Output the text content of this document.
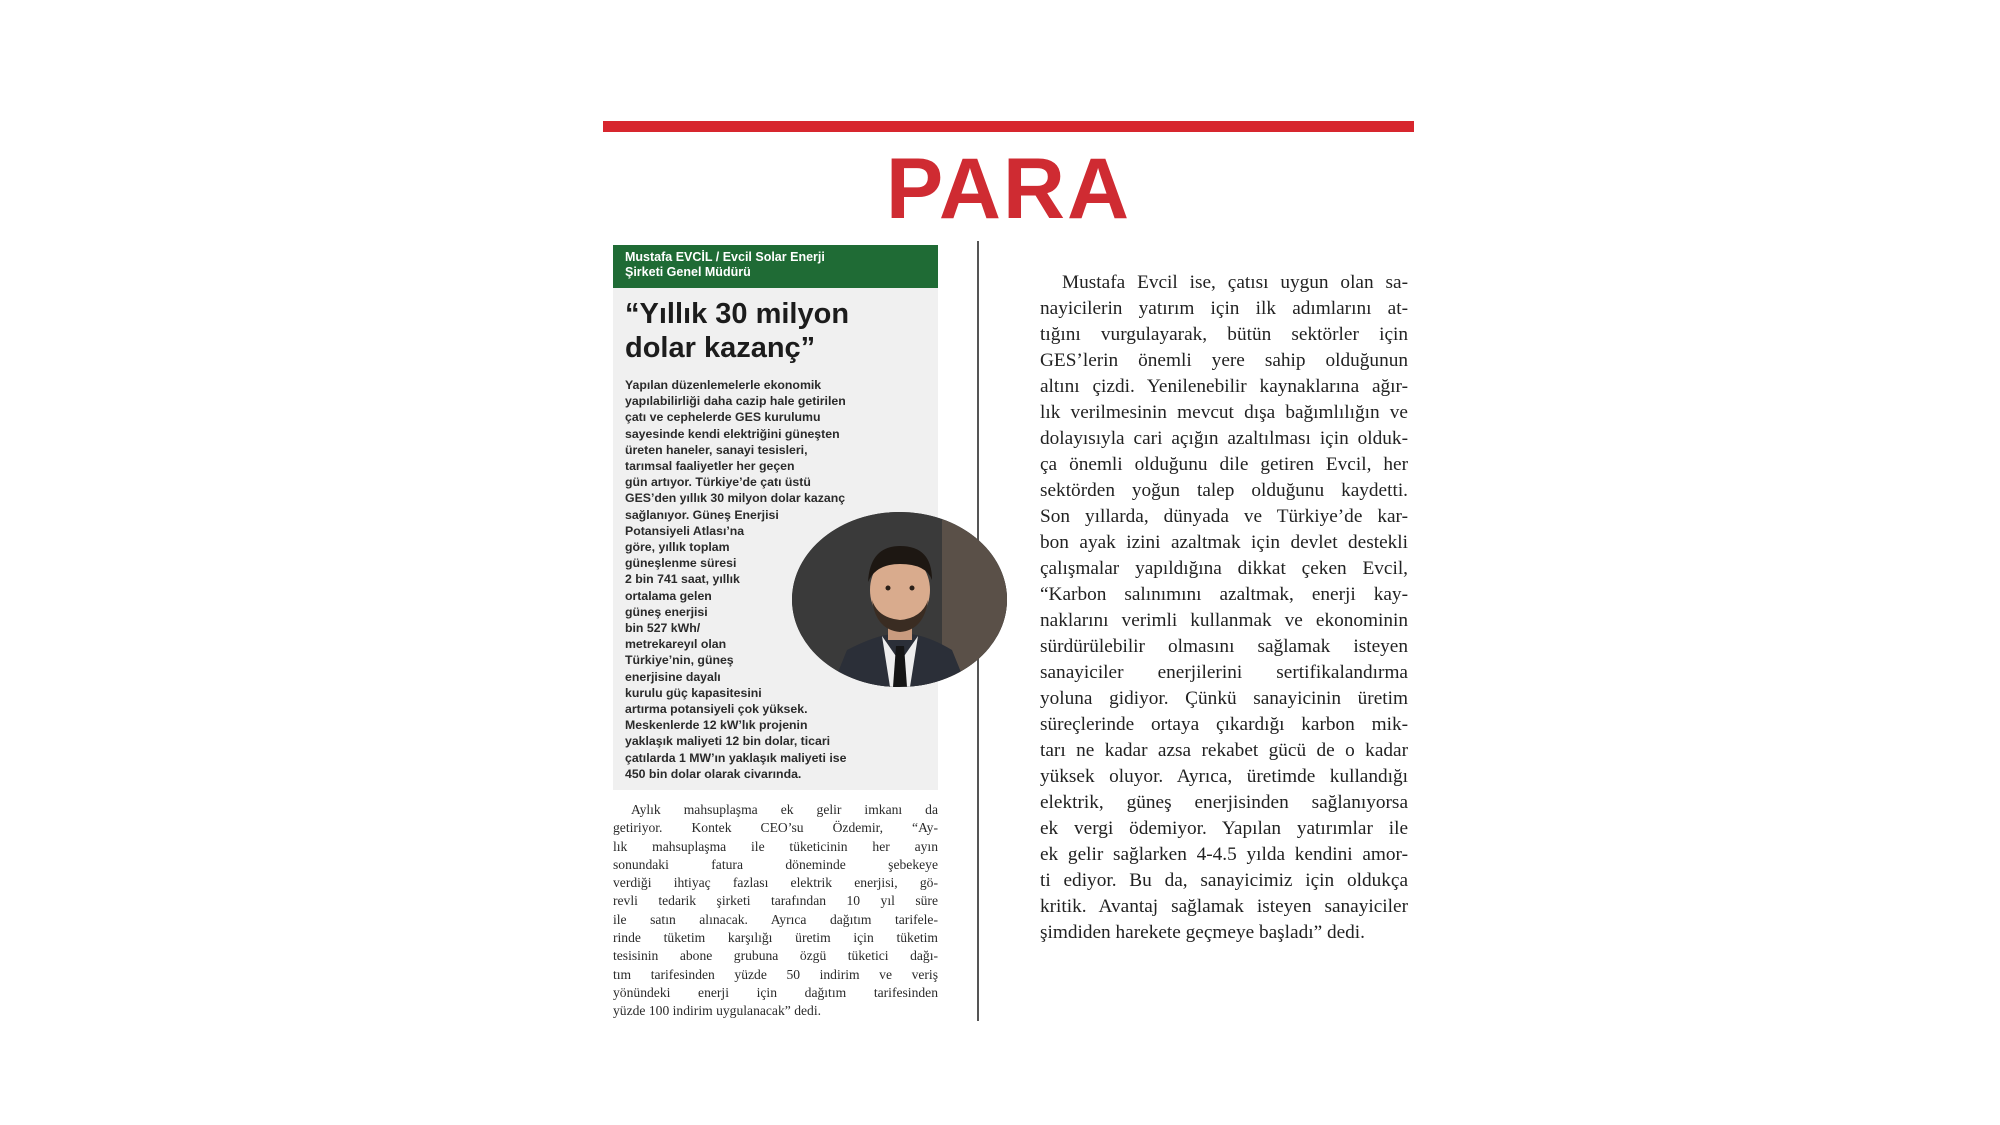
PARA
Mustafa EVCİL / Evcil Solar Enerji
Şirketi Genel Müdürü
“Yıllık 30 milyon
dolar kazanç”
Yapılan düzenlemelerle ekonomik
yapılabilirliği daha cazip hale getirilen
çatı ve cephelerde GES kurulumu
sayesinde kendi elektriğini güneşten
üreten haneler, sanayi tesisleri,
tarımsal faaliyetler her geçen
gün artıyor. Türkiye’de çatı üstü
GES’den yıllık 30 milyon dolar kazanç
sağlanıyor. Güneş Enerjisi
Potansiyeli Atlası’na
göre, yıllık toplam
güneşlenme süresi
2 bin 741 saat, yıllık
ortalama gelen
güneş enerjisi
bin 527 kWh/
metrekareyıl olan
Türkiye’nin, güneş
enerjisine dayalı
kurulu güç kapasitesini
artırma potansiyeli çok yüksek.
Meskenlerde 12 kW’lık projenin
yaklaşık maliyeti 12 bin dolar, ticari
çatılarda 1 MW’ın yaklaşık maliyeti ise
450 bin dolar olarak civarında.
Aylık mahsuplaşma ek gelir imkanı da
getiriyor. Kontek CEO’su Özdemir, “Ay-
lık mahsuplaşma ile tüketicinin her ayın
sonundaki fatura döneminde şebekeye
verdiği ihtiyaç fazlası elektrik enerjisi, gö-
revli tedarik şirketi tarafından 10 yıl süre
ile satın alınacak. Ayrıca dağıtım tarifele-
rinde tüketim karşılığı üretim için tüketim
tesisinin abone grubuna özgü tüketici dağı-
tım tarifesinden yüzde 50 indirim ve veriş
yönündeki enerji için dağıtım tarifesinden
yüzde 100 indirim uygulanacak” dedi.
Mustafa Evcil ise, çatısı uygun olan sa-
nayicilerin yatırım için ilk adımlarını at-
tığını vurgulayarak, bütün sektörler için
GES’lerin önemli yere sahip olduğunun
altını çizdi. Yenilenebilir kaynaklarına ağır-
lık verilmesinin mevcut dışa bağımlılığın ve
dolayısıyla cari açığın azaltılması için olduk-
ça önemli olduğunu dile getiren Evcil, her
sektörden yoğun talep olduğunu kaydetti.
Son yıllarda, dünyada ve Türkiye’de kar-
bon ayak izini azaltmak için devlet destekli
çalışmalar yapıldığına dikkat çeken Evcil,
“Karbon salınımını azaltmak, enerji kay-
naklarını verimli kullanmak ve ekonominin
sürdürülebilir olmasını sağlamak isteyen
sanayiciler enerjilerini sertifikalandırma
yoluna gidiyor. Çünkü sanayicinin üretim
süreçlerinde ortaya çıkardığı karbon mik-
tarı ne kadar azsa rekabet gücü de o kadar
yüksek oluyor. Ayrıca, üretimde kullandığı
elektrik, güneş enerjisinden sağlanıyorsa
ek vergi ödemiyor. Yapılan yatırımlar ile
ek gelir sağlarken 4-4.5 yılda kendini amor-
ti ediyor. Bu da, sanayicimiz için oldukça
kritik. Avantaj sağlamak isteyen sanayiciler
şimdiden harekete geçmeye başladı” dedi.
